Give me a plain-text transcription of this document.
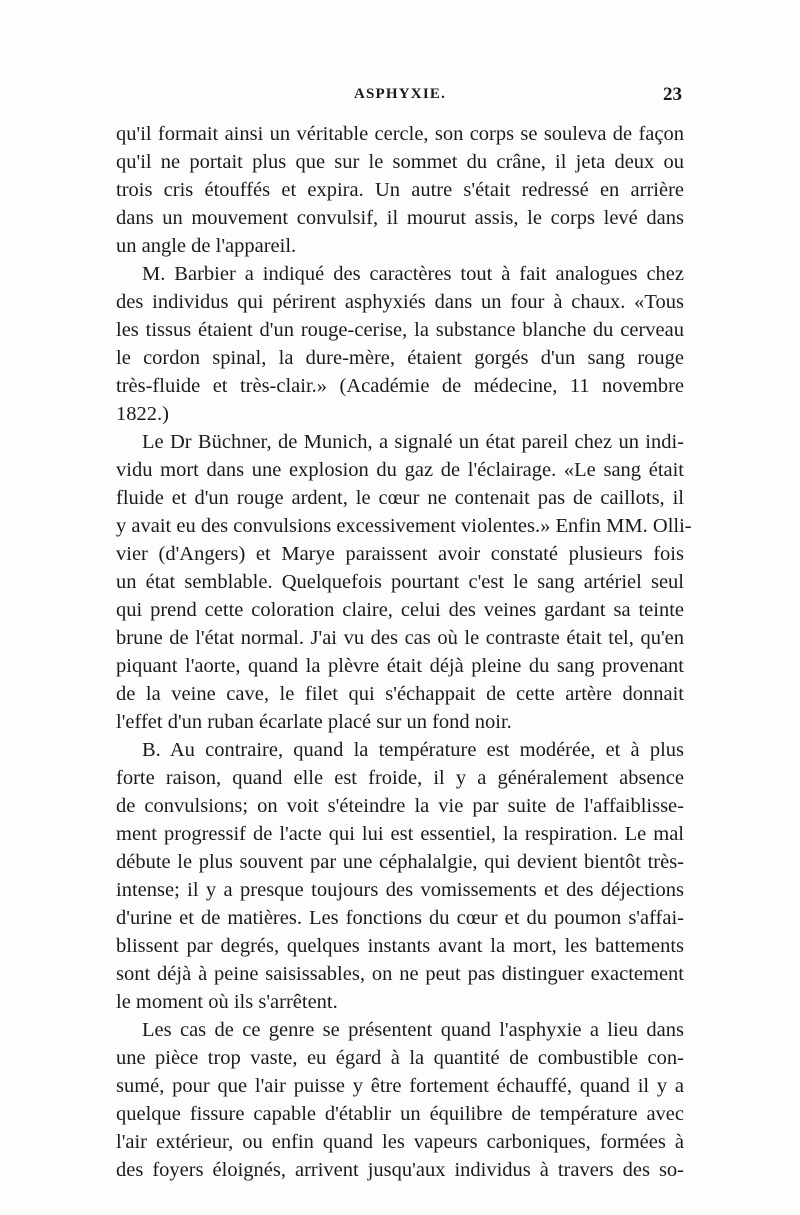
ASPHYXIE.	23
qu'il formait ainsi un véritable cercle, son corps se souleva de façon
qu'il ne portait plus que sur le sommet du crâne, il jeta deux ou
trois cris étouffés et expira. Un autre s'était redressé en arrière
dans un mouvement convulsif, il mourut assis, le corps levé dans
un angle de l'appareil.
M. Barbier a indiqué des caractères tout à fait analogues chez
des individus qui périrent asphyxiés dans un four à chaux. «Tous
les tissus étaient d'un rouge-cerise, la substance blanche du cerveau
le cordon spinal, la dure-mère, étaient gorgés d'un sang rouge
très-fluide et très-clair.» (Académie de médecine, 11 novembre
1822.)
Le Dr Büchner, de Munich, a signalé un état pareil chez un indi-
vidu mort dans une explosion du gaz de l'éclairage. «Le sang était
fluide et d'un rouge ardent, le cœur ne contenait pas de caillots, il
y avait eu des convulsions excessivement violentes.» Enfin MM. Olli-
vier (d'Angers) et Marye paraissent avoir constaté plusieurs fois
un état semblable. Quelquefois pourtant c'est le sang artériel seul
qui prend cette coloration claire, celui des veines gardant sa teinte
brune de l'état normal. J'ai vu des cas où le contraste était tel, qu'en
piquant l'aorte, quand la plèvre était déjà pleine du sang provenant
de la veine cave, le filet qui s'échappait de cette artère donnait
l'effet d'un ruban écarlate placé sur un fond noir.
B. Au contraire, quand la température est modérée, et à plus
forte raison, quand elle est froide, il y a généralement absence
de convulsions; on voit s'éteindre la vie par suite de l'affaiblisse-
ment progressif de l'acte qui lui est essentiel, la respiration. Le mal
débute le plus souvent par une céphalalgie, qui devient bientôt très-
intense; il y a presque toujours des vomissements et des déjections
d'urine et de matières. Les fonctions du cœur et du poumon s'affai-
blissent par degrés, quelques instants avant la mort, les battements
sont déjà à peine saisissables, on ne peut pas distinguer exactement
le moment où ils s'arrêtent.
Les cas de ce genre se présentent quand l'asphyxie a lieu dans
une pièce trop vaste, eu égard à la quantité de combustible con-
sumé, pour que l'air puisse y être fortement échauffé, quand il y a
quelque fissure capable d'établir un équilibre de température avec
l'air extérieur, ou enfin quand les vapeurs carboniques, formées à
des foyers éloignés, arrivent jusqu'aux individus à travers des so-
